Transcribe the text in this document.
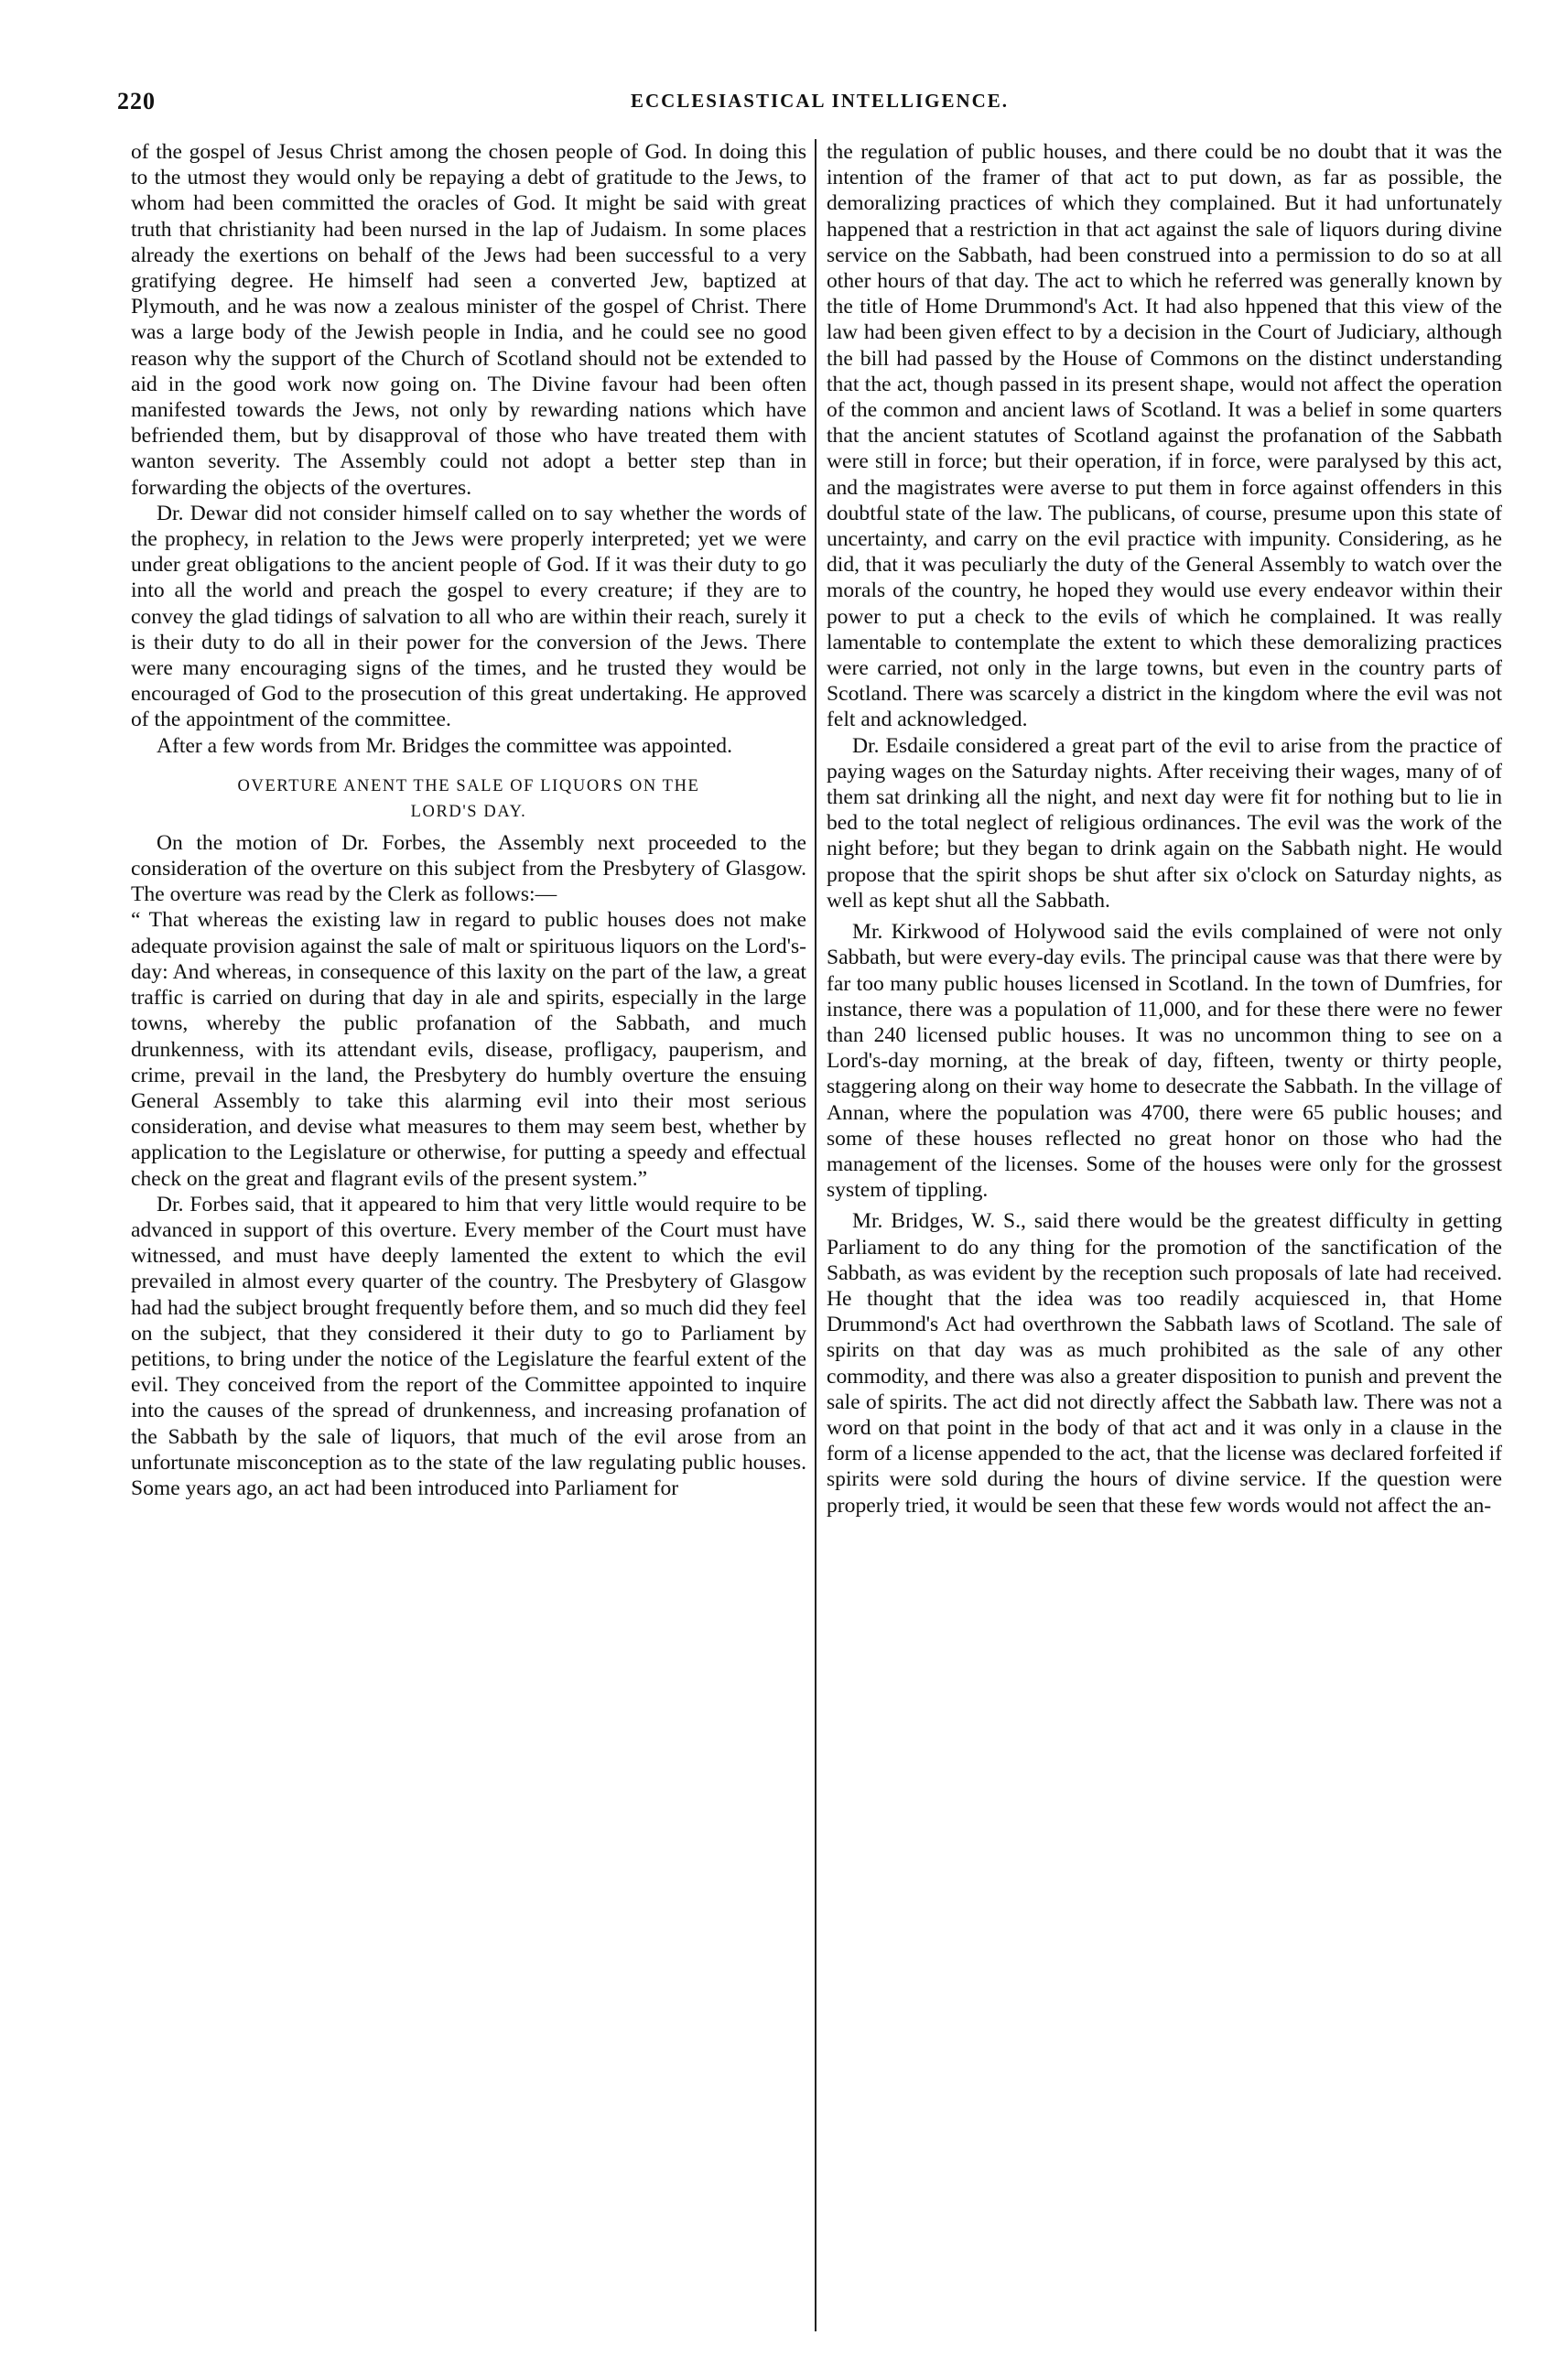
220	ECCLESIASTICAL INTELLIGENCE.

of the gospel of Jesus Christ among the chosen people of God. In doing this to the utmost they would only be repaying a debt of gratitude to the Jews, to whom had been committed the oracles of God. It might be said with great truth that christianity had been nursed in the lap of Judaism. In some places already the exertions on behalf of the Jews had been successful to a very gratifying degree. He himself had seen a converted Jew, baptized at Plymouth, and he was now a zealous minister of the gospel of Christ. There was a large body of the Jewish people in India, and he could see no good reason why the support of the Church of Scotland should not be extended to aid in the good work now going on. The Divine favour had been often manifested towards the Jews, not only by rewarding nations which have befriended them, but by disapproval of those who have treated them with wanton severity. The Assembly could not adopt a better step than in forwarding the objects of the overtures.

Dr. Dewar did not consider himself called on to say whether the words of the prophecy, in relation to the Jews were properly interpreted; yet we were under great obligations to the ancient people of God. If it was their duty to go into all the world and preach the gospel to every creature; if they are to convey the glad tidings of salvation to all who are within their reach, surely it is their duty to do all in their power for the conversion of the Jews. There were many encouraging signs of the times, and he trusted they would be encouraged of God to the prosecution of this great undertaking. He approved of the appointment of the committee.

After a few words from Mr. Bridges the committee was appointed.

OVERTURE ANENT THE SALE OF LIQUORS ON THE
LORD'S DAY.

On the motion of Dr. Forbes, the Assembly next proceeded to the consideration of the overture on this subject from the Presbytery of Glasgow. The overture was read by the Clerk as follows:—

“ That whereas the existing law in regard to public houses does not make adequate provision against the sale of malt or spirituous liquors on the Lord's-day: And whereas, in consequence of this laxity on the part of the law, a great traffic is carried on during that day in ale and spirits, especially in the large towns, whereby the public profanation of the Sabbath, and much drunkenness, with its attendant evils, disease, profligacy, pauperism, and crime, prevail in the land, the Presbytery do humbly overture the ensuing General Assembly to take this alarming evil into their most serious consideration, and devise what measures to them may seem best, whether by application to the Legislature or otherwise, for putting a speedy and effectual check on the great and flagrant evils of the present system.”

Dr. Forbes said, that it appeared to him that very little would require to be advanced in support of this overture. Every member of the Court must have witnessed, and must have deeply lamented the extent to which the evil prevailed in almost every quarter of the country. The Presbytery of Glasgow had had the subject brought frequently before them, and so much did they feel on the subject, that they considered it their duty to go to Parliament by petitions, to bring under the notice of the Legislature the fearful extent of the evil. They conceived from the report of the Committee appointed to inquire into the causes of the spread of drunkenness, and increasing profanation of the Sabbath by the sale of liquors, that much of the evil arose from an unfortunate misconception as to the state of the law regulating public houses. Some years ago, an act had been introduced into Parliament for

the regulation of public houses, and there could be no doubt that it was the intention of the framer of that act to put down, as far as possible, the demoralizing practices of which they complained. But it had unfortunately happened that a restriction in that act against the sale of liquors during divine service on the Sabbath, had been construed into a permission to do so at all other hours of that day. The act to which he referred was generally known by the title of Home Drummond's Act. It had also hppened that this view of the law had been given effect to by a decision in the Court of Judiciary, although the bill had passed by the House of Commons on the distinct understanding that the act, though passed in its present shape, would not affect the operation of the common and ancient laws of Scotland. It was a belief in some quarters that the ancient statutes of Scotland against the profanation of the Sabbath were still in force; but their operation, if in force, were paralysed by this act, and the magistrates were averse to put them in force against offenders in this doubtful state of the law. The publicans, of course, presume upon this state of uncertainty, and carry on the evil practice with impunity. Considering, as he did, that it was peculiarly the duty of the General Assembly to watch over the morals of the country, he hoped they would use every endeavor within their power to put a check to the evils of which he complained. It was really lamentable to contemplate the extent to which these demoralizing practices were carried, not only in the large towns, but even in the country parts of Scotland. There was scarcely a district in the kingdom where the evil was not felt and acknowledged.

Dr. Esdaile considered a great part of the evil to arise from the practice of paying wages on the Saturday nights. After receiving their wages, many of of them sat drinking all the night, and next day were fit for nothing but to lie in bed to the total neglect of religious ordinances. The evil was the work of the night before; but they began to drink again on the Sabbath night. He would propose that the spirit shops be shut after six o'clock on Saturday nights, as well as kept shut all the Sabbath.

Mr. Kirkwood of Holywood said the evils complained of were not only Sabbath, but were every-day evils. The principal cause was that there were by far too many public houses licensed in Scotland. In the town of Dumfries, for instance, there was a population of 11,000, and for these there were no fewer than 240 licensed public houses. It was no uncommon thing to see on a Lord's-day morning, at the break of day, fifteen, twenty or thirty people, staggering along on their way home to desecrate the Sabbath. In the village of Annan, where the population was 4700, there were 65 public houses; and some of these houses reflected no great honor on those who had the management of the licenses. Some of the houses were only for the grossest system of tippling.

Mr. Bridges, W. S., said there would be the greatest difficulty in getting Parliament to do any thing for the promotion of the sanctification of the Sabbath, as was evident by the reception such proposals of late had received. He thought that the idea was too readily acquiesced in, that Home Drummond's Act had overthrown the Sabbath laws of Scotland. The sale of spirits on that day was as much prohibited as the sale of any other commodity, and there was also a greater disposition to punish and prevent the sale of spirits. The act did not directly affect the Sabbath law. There was not a word on that point in the body of that act and it was only in a clause in the form of a license appended to the act, that the license was declared forfeited if spirits were sold during the hours of divine service. If the question were properly tried, it would be seen that these few words would not affect the an-
